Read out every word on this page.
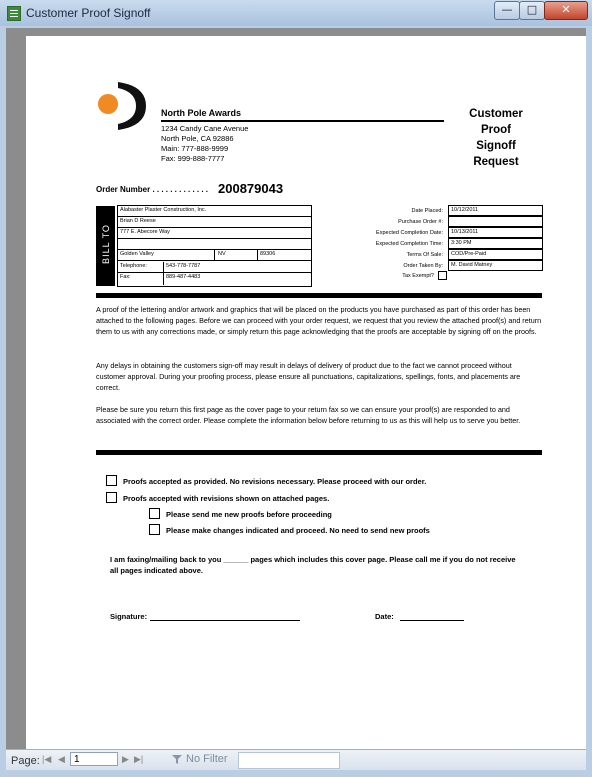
Customer Proof Signoff	—	□	✕
North Pole Awards
1234 Candy Cane Avenue
North Pole, CA 92886
Main: 777-888-9999
Fax: 999-888-7777
Customer
Proof
Signoff
Request
Order Number . . . . . . . . . . . . . 200879043
BILL TO
Alabaster Plaster Construction, Inc.
Brian D Reese
777 E. Abecore Way
Golden Valley	NV	89306
Telephone:	543-778-7787
Fax:	889-487-4483
Date Placed: 10/12/2011
Purchase Order #:
Expected Completion Date: 10/13/2011
Expected Completion Time: 3:30 PM
Terms Of Sale: COD/Pre-Paid
Order Taken By: M. David Matney
Tax Exempt?
A proof of the lettering and/or artwork and graphics that will be placed on the products you have purchased as part of this order has been attached to the following pages. Before we can proceed with your order request, we request that you review the attached proof(s) and return them to us with any corrections made, or simply return this page acknowledging that the proofs are acceptable by signing off on the proofs.
Any delays in obtaining the customers sign-off may result in delays of delivery of product due to the fact we cannot proceed without customer approval. During your proofing process, please ensure all punctuations, capitalizations, spellings, fonts, and placements are correct.
Please be sure you return this first page as the cover page to your return fax so we can ensure your proof(s) are responded to and associated with the correct order. Please complete the information below before returning to us as this will help us to serve you better.
Proofs accepted as provided. No revisions necessary. Please proceed with our order.
Proofs accepted with revisions shown on attached pages.
Please send me new proofs before proceeding
Please make changes indicated and proceed. No need to send new proofs
I am faxing/mailing back to you ______ pages which includes this cover page. Please call me if you do not receive all pages indicated above.
Signature:	Date:
Page: |◀ ◀ 1	▶ ▶|	No Filter
